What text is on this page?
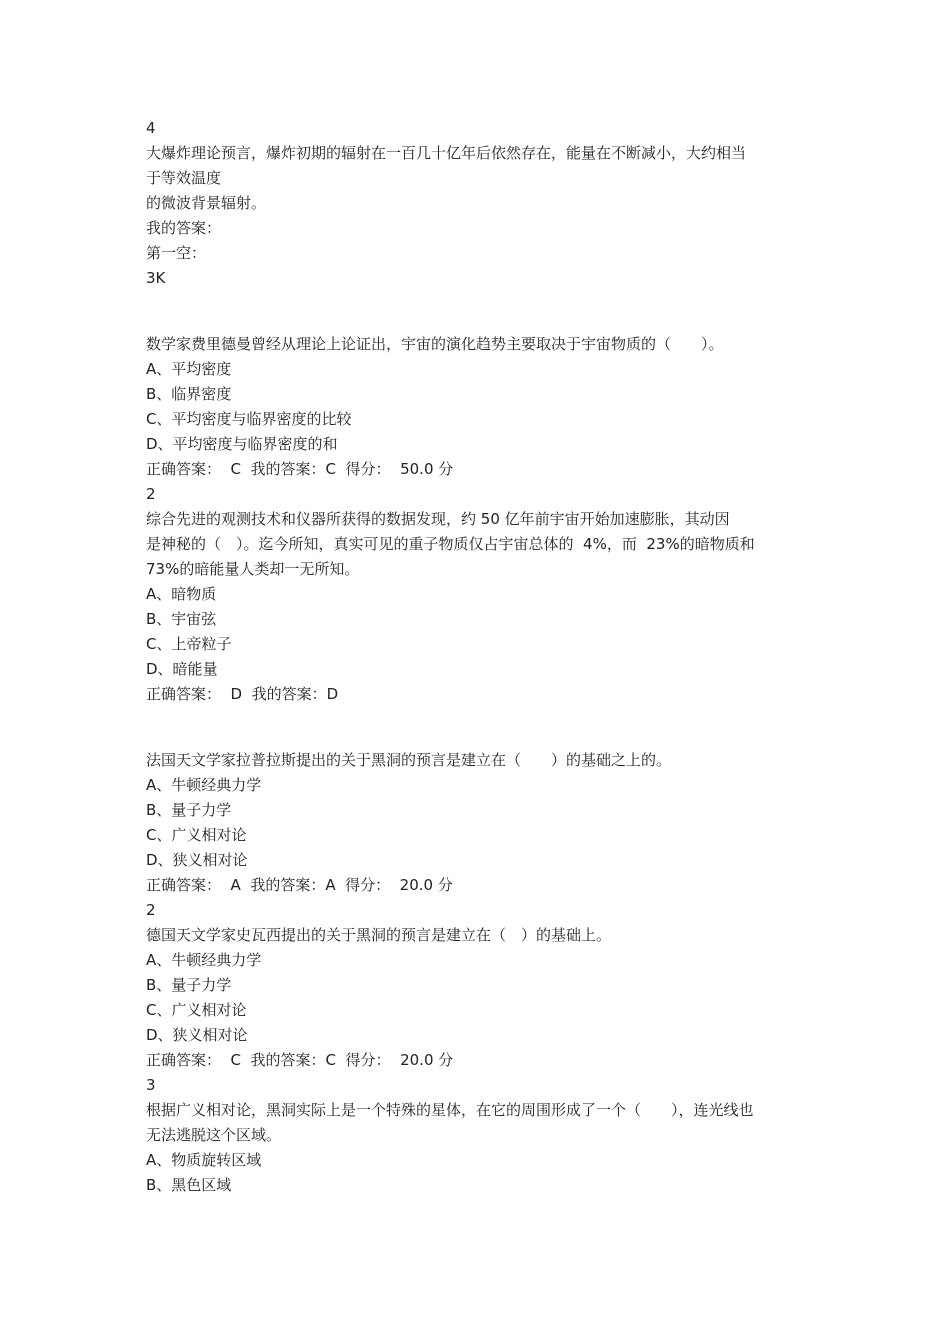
4
大爆炸理论预言，爆炸初期的辐射在一百几十亿年后依然存在，能量在不断减小，大约相当
于等效温度
的微波背景辐射。
我的答案：
第一空：
3K
数学家费里德曼曾经从理论上论证出，宇宙的演化趋势主要取决于宇宙物质的（　　）。
A、平均密度
B、临界密度
C、平均密度与临界密度的比较
D、平均密度与临界密度的和
正确答案：  C  我的答案：C  得分：  50.0 分
2
综合先进的观测技术和仪器所获得的数据发现，约 50 亿年前宇宙开始加速膨胀，其动因
是神秘的（　）。迄今所知，真实可见的重子物质仅占宇宙总体的  4%，而  23%的暗物质和
73%的暗能量人类却一无所知。
A、暗物质
B、宇宙弦
C、上帝粒子
D、暗能量
正确答案：  D  我的答案：D
法国天文学家拉普拉斯提出的关于黑洞的预言是建立在（　　）的基础之上的。
A、牛顿经典力学
B、量子力学
C、广义相对论
D、狭义相对论
正确答案：  A  我的答案：A  得分：  20.0 分
2
德国天文学家史瓦西提出的关于黑洞的预言是建立在（　）的基础上。
A、牛顿经典力学
B、量子力学
C、广义相对论
D、狭义相对论
正确答案：  C  我的答案：C  得分：  20.0 分
3
根据广义相对论，黑洞实际上是一个特殊的星体，在它的周围形成了一个（　　），连光线也
无法逃脱这个区域。
A、物质旋转区域
B、黑色区域
